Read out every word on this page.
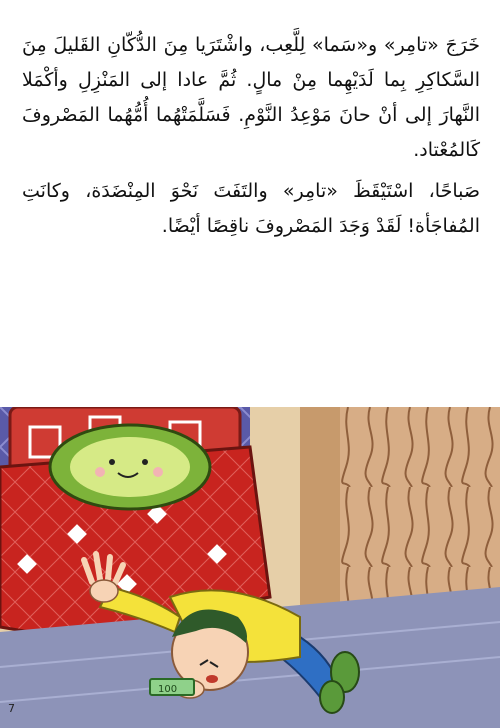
خَرَجَ «تامِر» و«سَما» لِلَّعِب، واشْتَرَيا مِنَ الدُّكّانِ القَليلَ مِنَ السَّكاكِرِ بِما لَدَيْهِما مِنْ مالٍ. ثُمَّ عادا إلى المَنْزِلِ وأكْمَلا النَّهارَ إلى أنْ حانَ مَوْعِدُ النَّوْمِ. فَسَلَّمَتْهُما أُمُّهُما المَصْروفَ كَالمُعْتاد.

صَباحًا، اسْتَيْقَظَ «تامِر» والتَفَتَ نَحْوَ المِنْضَدَة، وكانَتِ المُفاجَأة! لَقَدْ وَجَدَ المَصْروفَ ناقِصًا أيْضًا.

100
7
